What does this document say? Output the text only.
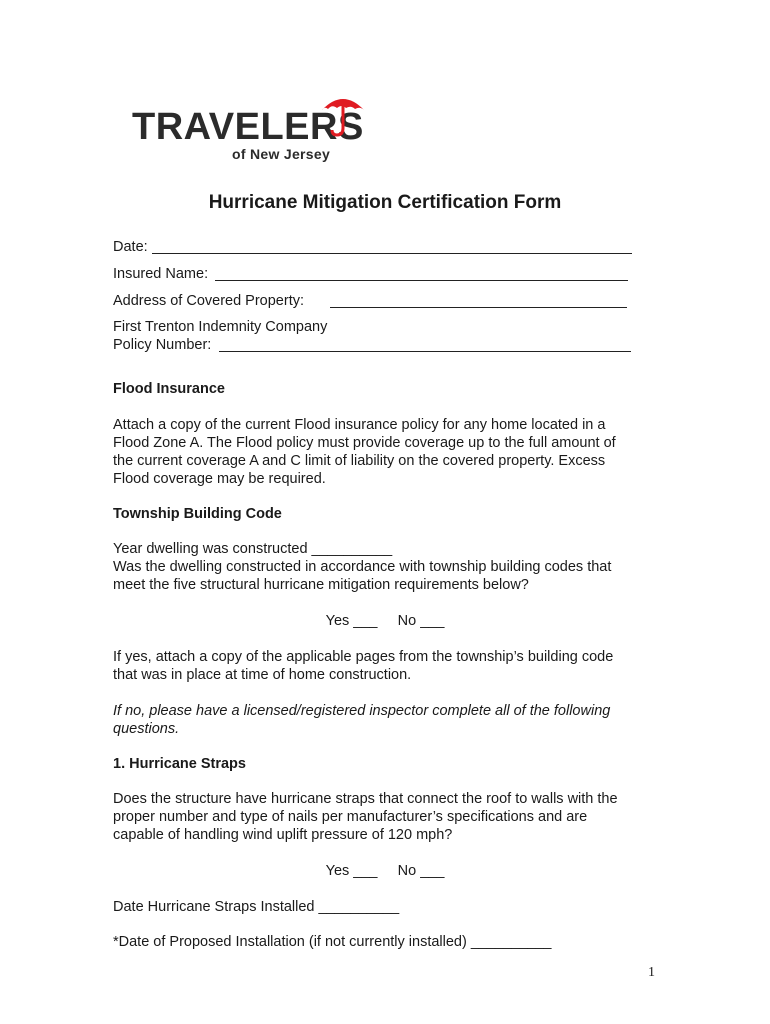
TRAVELERS
of New Jersey
Hurricane Mitigation Certification Form
Date:
Insured Name:
Address of Covered Property:
First Trenton Indemnity Company
Policy Number:
Flood Insurance
Attach a copy of the current Flood insurance policy for any home located in a
Flood Zone A. The Flood policy must provide coverage up to the full amount of
the current coverage A and C limit of liability on the covered property. Excess
Flood coverage may be required.
Township Building Code
Year dwelling was constructed __________
Was the dwelling constructed in accordance with township building codes that
meet the five structural hurricane mitigation requirements below?
Yes ___     No ___
If yes, attach a copy of the applicable pages from the township’s building code
that was in place at time of home construction.
If no, please have a licensed/registered inspector complete all of the following
questions.
1. Hurricane Straps
Does the structure have hurricane straps that connect the roof to walls with the
proper number and type of nails per manufacturer’s specifications and are
capable of handling wind uplift pressure of 120 mph?
Yes ___     No ___
Date Hurricane Straps Installed __________
*Date of Proposed Installation (if not currently installed) __________
1
